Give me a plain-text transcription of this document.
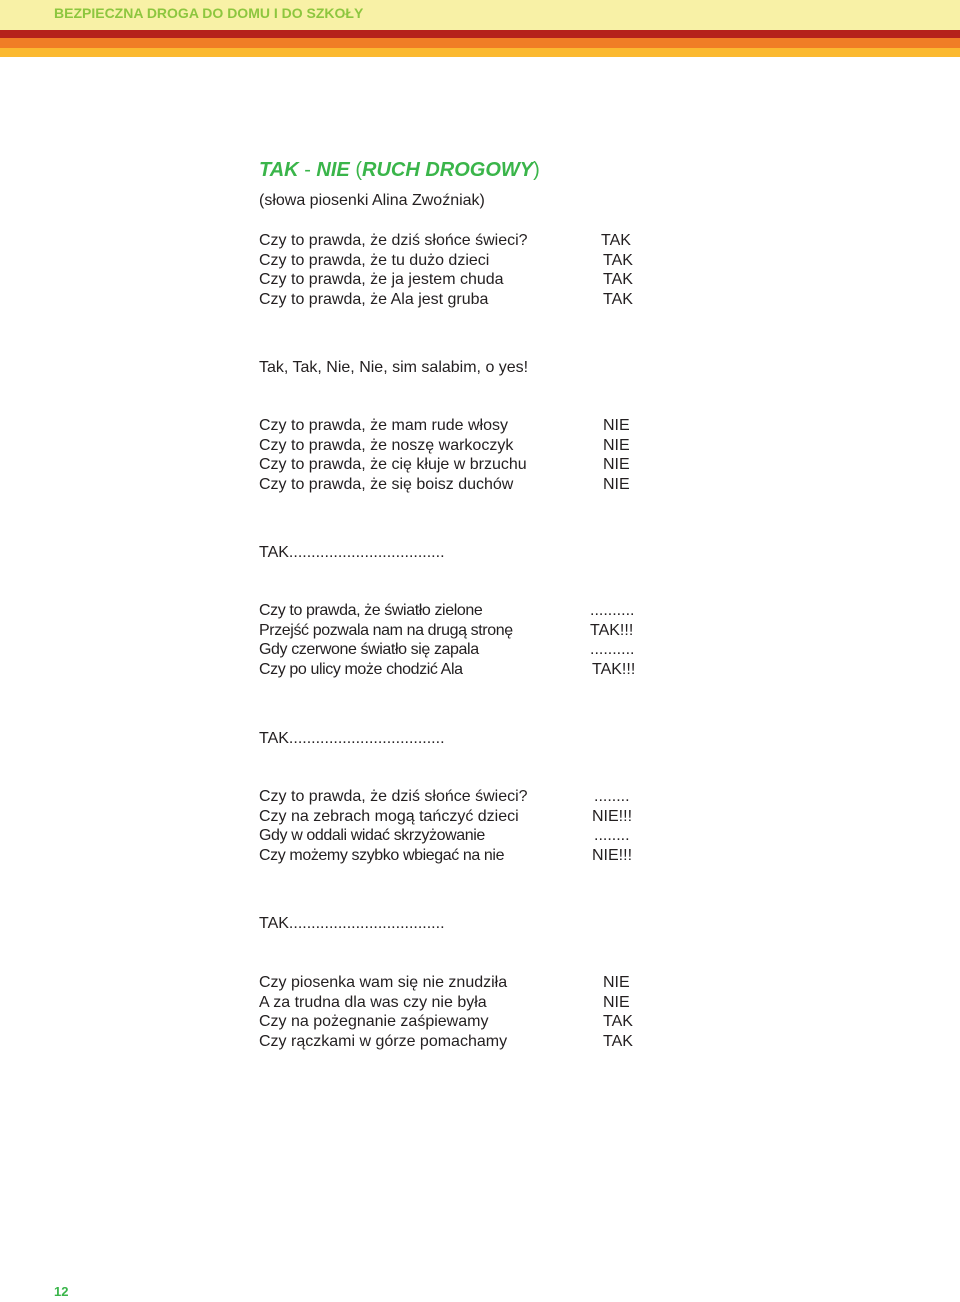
BEZPIECZNA DROGA DO DOMU I DO SZKOŁY
TAK - NIE (RUCH DROGOWY)
(słowa piosenki Alina Zwoźniak)
Czy to prawda, że dziś słońce świeci?
Czy to prawda, że tu dużo dzieci
Czy to prawda, że ja jestem chuda
Czy to prawda, że Ala jest gruba
TAK
TAK
TAK
TAK
Tak, Tak, Nie, Nie, sim salabim, o yes!
Czy to prawda, że mam rude włosy
Czy to prawda, że noszę warkoczyk
Czy to prawda, że cię kłuje w brzuchu
Czy to prawda, że się boisz duchów
NIE
NIE
NIE
NIE
TAK...................................
Czy to prawda, że światło zielone
Przejść pozwala nam na drugą stronę
Gdy czerwone światło się zapala
Czy po ulicy może chodzić Ala
..........
TAK!!!
..........
TAK!!!
TAK...................................
Czy to prawda, że dziś słońce świeci?
Czy na zebrach mogą tańczyć dzieci
Gdy w oddali widać skrzyżowanie
Czy możemy szybko wbiegać na nie
........
NIE!!!
........
NIE!!!
TAK...................................
Czy piosenka wam się nie znudziła
A za trudna dla was czy nie była
Czy na pożegnanie zaśpiewamy
Czy rączkami w górze pomachamy
NIE
NIE
TAK
TAK
12
